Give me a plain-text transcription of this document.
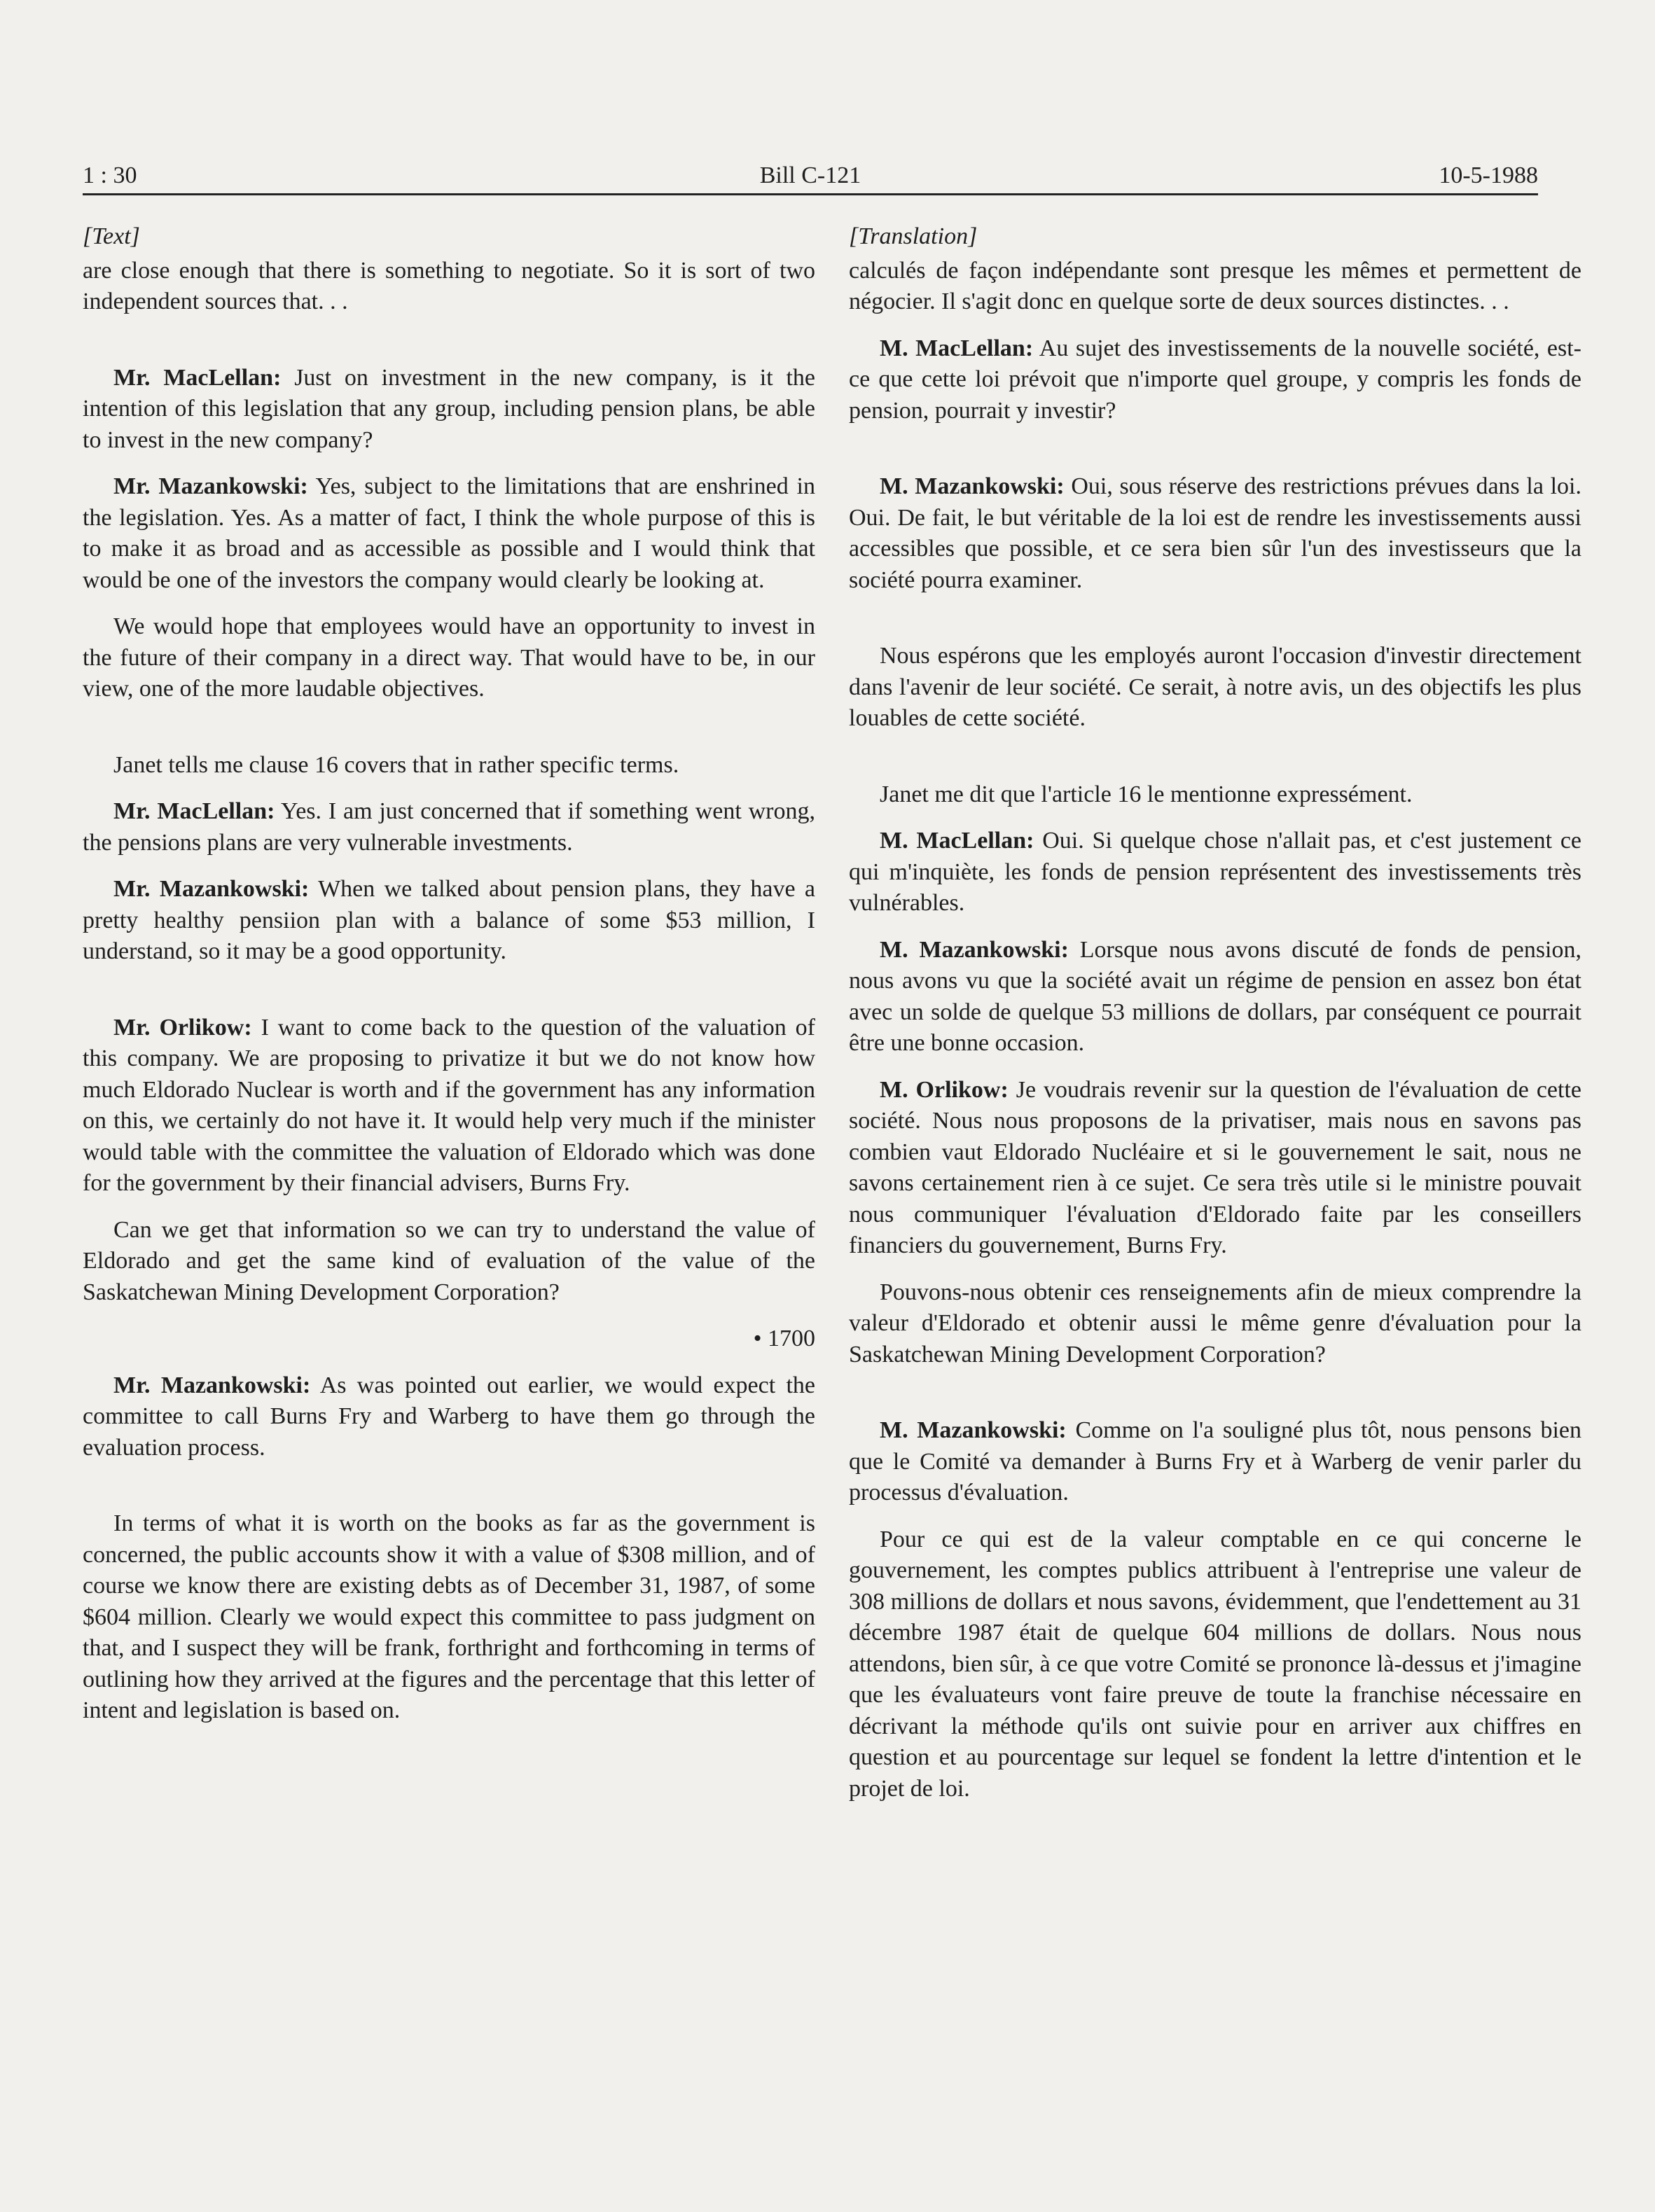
1 : 30	Bill C-121	10-5-1988
[Text]

are close enough that there is something to negotiate. So it is sort of two independent sources that. . .

Mr. MacLellan: Just on investment in the new company, is it the intention of this legislation that any group, including pension plans, be able to invest in the new company?

Mr. Mazankowski: Yes, subject to the limitations that are enshrined in the legislation. Yes. As a matter of fact, I think the whole purpose of this is to make it as broad and as accessible as possible and I would think that would be one of the investors the company would clearly be looking at.

We would hope that employees would have an opportunity to invest in the future of their company in a direct way. That would have to be, in our view, one of the more laudable objectives.

Janet tells me clause 16 covers that in rather specific terms.

Mr. MacLellan: Yes. I am just concerned that if something went wrong, the pensions plans are very vulnerable investments.

Mr. Mazankowski: When we talked about pension plans, they have a pretty healthy pensiion plan with a balance of some $53 million, I understand, so it may be a good opportunity.

Mr. Orlikow: I want to come back to the question of the valuation of this company. We are proposing to privatize it but we do not know how much Eldorado Nuclear is worth and if the government has any information on this, we certainly do not have it. It would help very much if the minister would table with the committee the valuation of Eldorado which was done for the government by their financial advisers, Burns Fry.

Can we get that information so we can try to understand the value of Eldorado and get the same kind of evaluation of the value of the Saskatchewan Mining Development Corporation?

• 1700

Mr. Mazankowski: As was pointed out earlier, we would expect the committee to call Burns Fry and Warberg to have them go through the evaluation process.

In terms of what it is worth on the books as far as the government is concerned, the public accounts show it with a value of $308 million, and of course we know there are existing debts as of December 31, 1987, of some $604 million. Clearly we would expect this committee to pass judgment on that, and I suspect they will be frank, forthright and forthcoming in terms of outlining how they arrived at the figures and the percentage that this letter of intent and legislation is based on.

[Translation]

calculés de façon indépendante sont presque les mêmes et permettent de négocier. Il s'agit donc en quelque sorte de deux sources distinctes. . .

M. MacLellan: Au sujet des investissements de la nouvelle société, est-ce que cette loi prévoit que n'importe quel groupe, y compris les fonds de pension, pourrait y investir?

M. Mazankowski: Oui, sous réserve des restrictions prévues dans la loi. Oui. De fait, le but véritable de la loi est de rendre les investissements aussi accessibles que possible, et ce sera bien sûr l'un des investisseurs que la société pourra examiner.

Nous espérons que les employés auront l'occasion d'investir directement dans l'avenir de leur société. Ce serait, à notre avis, un des objectifs les plus louables de cette société.

Janet me dit que l'article 16 le mentionne expressément.

M. MacLellan: Oui. Si quelque chose n'allait pas, et c'est justement ce qui m'inquiète, les fonds de pension représentent des investissements très vulnérables.

M. Mazankowski: Lorsque nous avons discuté de fonds de pension, nous avons vu que la société avait un régime de pension en assez bon état avec un solde de quelque 53 millions de dollars, par conséquent ce pourrait être une bonne occasion.

M. Orlikow: Je voudrais revenir sur la question de l'évaluation de cette société. Nous nous proposons de la privatiser, mais nous en savons pas combien vaut Eldorado Nucléaire et si le gouvernement le sait, nous ne savons certainement rien à ce sujet. Ce sera très utile si le ministre pouvait nous communiquer l'évaluation d'Eldorado faite par les conseillers financiers du gouvernement, Burns Fry.

Pouvons-nous obtenir ces renseignements afin de mieux comprendre la valeur d'Eldorado et obtenir aussi le même genre d'évaluation pour la Saskatchewan Mining Development Corporation?

M. Mazankowski: Comme on l'a souligné plus tôt, nous pensons bien que le Comité va demander à Burns Fry et à Warberg de venir parler du processus d'évaluation.

Pour ce qui est de la valeur comptable en ce qui concerne le gouvernement, les comptes publics attribuent à l'entreprise une valeur de 308 millions de dollars et nous savons, évidemment, que l'endettement au 31 décembre 1987 était de quelque 604 millions de dollars. Nous nous attendons, bien sûr, à ce que votre Comité se prononce là-dessus et j'imagine que les évaluateurs vont faire preuve de toute la franchise nécessaire en décrivant la méthode qu'ils ont suivie pour en arriver aux chiffres en question et au pourcentage sur lequel se fondent la lettre d'intention et le projet de loi.
